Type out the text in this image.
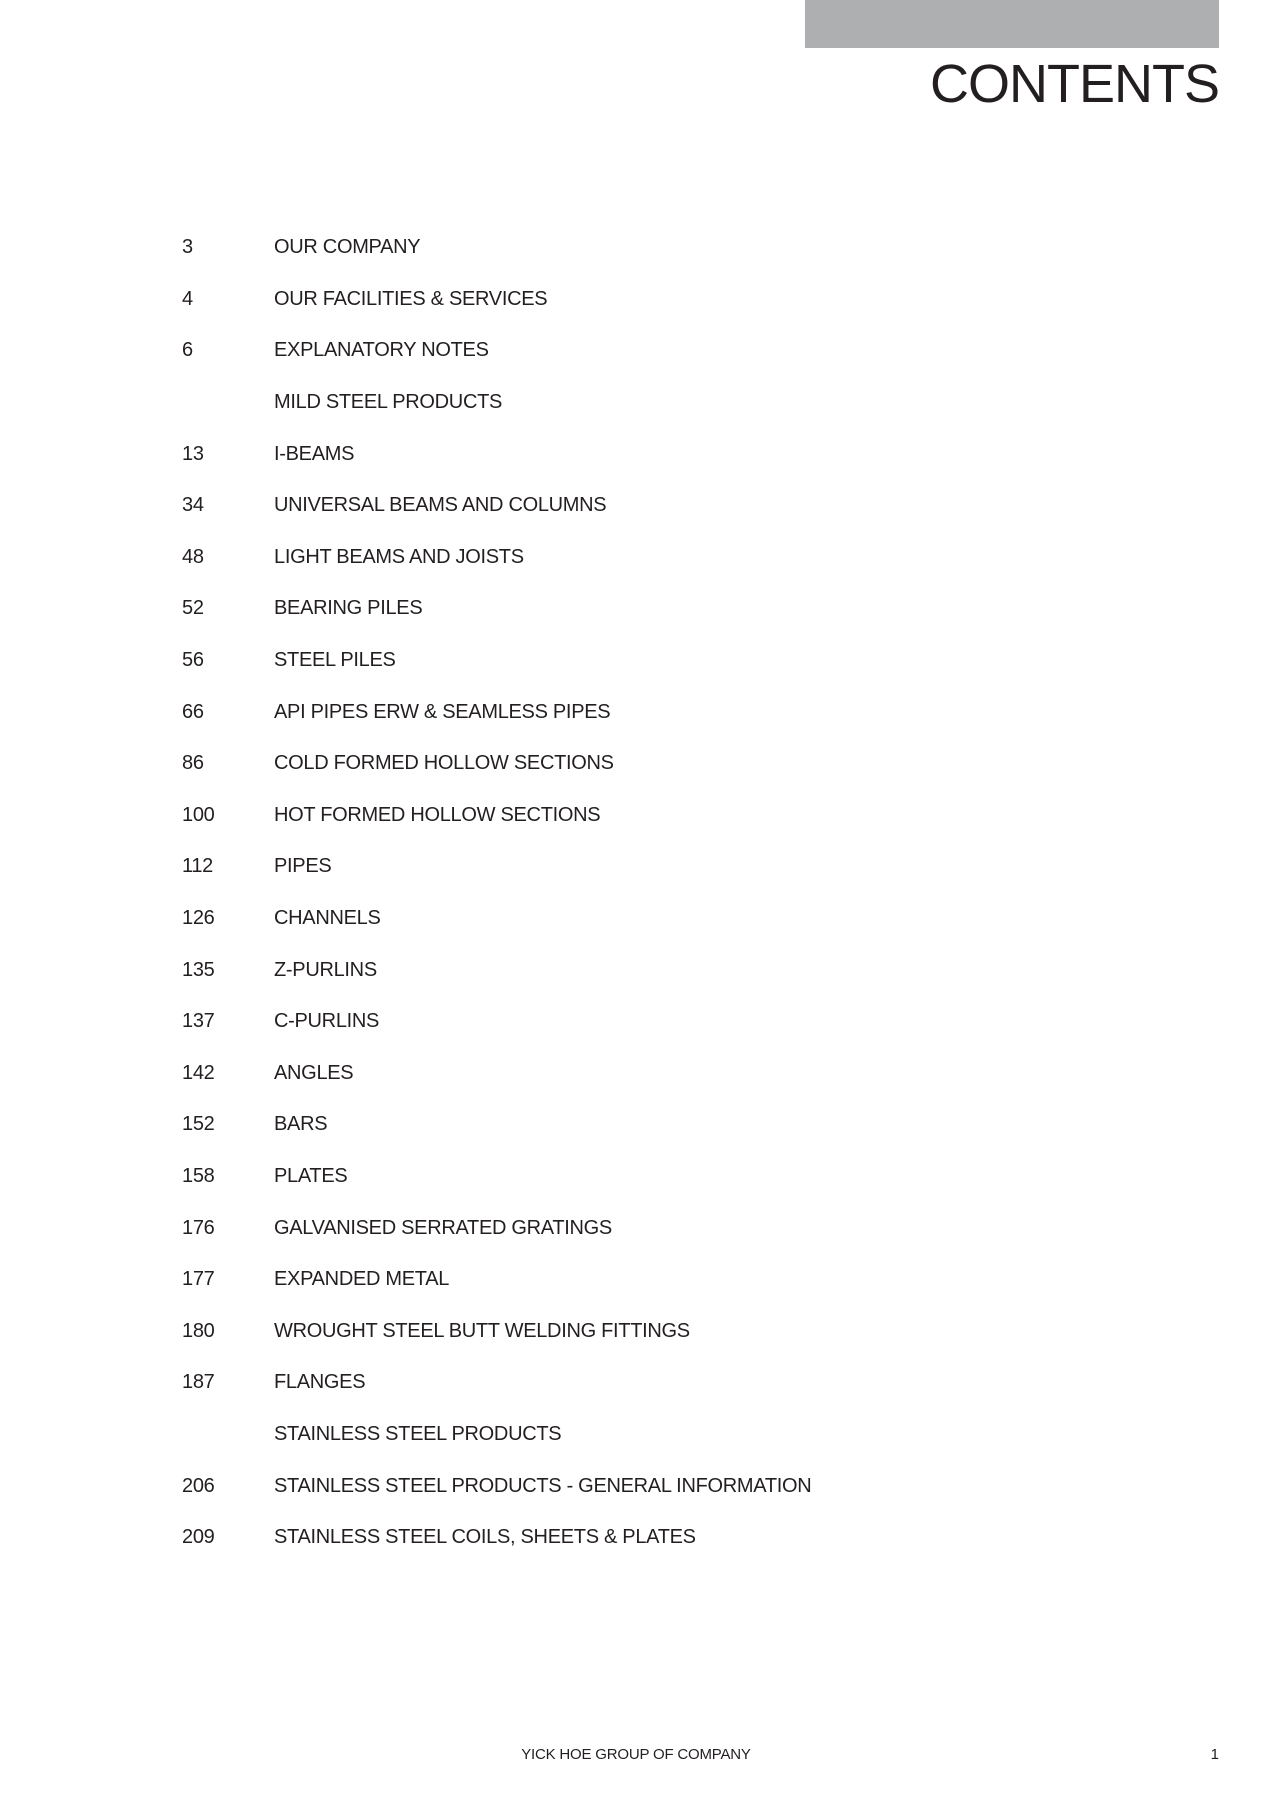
CONTENTS
3	OUR COMPANY
4	OUR FACILITIES & SERVICES
6	EXPLANATORY NOTES
MILD STEEL PRODUCTS
13	I-BEAMS
34	UNIVERSAL BEAMS AND COLUMNS
48	LIGHT BEAMS AND JOISTS
52	BEARING PILES
56	STEEL PILES
66	API PIPES ERW & SEAMLESS PIPES
86	COLD FORMED HOLLOW SECTIONS
100	HOT FORMED HOLLOW SECTIONS
112	PIPES
126	CHANNELS
135	Z-PURLINS
137	C-PURLINS
142	ANGLES
152	BARS
158	PLATES
176	GALVANISED SERRATED GRATINGS
177	EXPANDED METAL
180	WROUGHT STEEL BUTT WELDING FITTINGS
187	FLANGES
STAINLESS STEEL PRODUCTS
206	STAINLESS STEEL PRODUCTS - GENERAL INFORMATION
209	STAINLESS STEEL COILS, SHEETS & PLATES
YICK HOE GROUP OF COMPANY	1
